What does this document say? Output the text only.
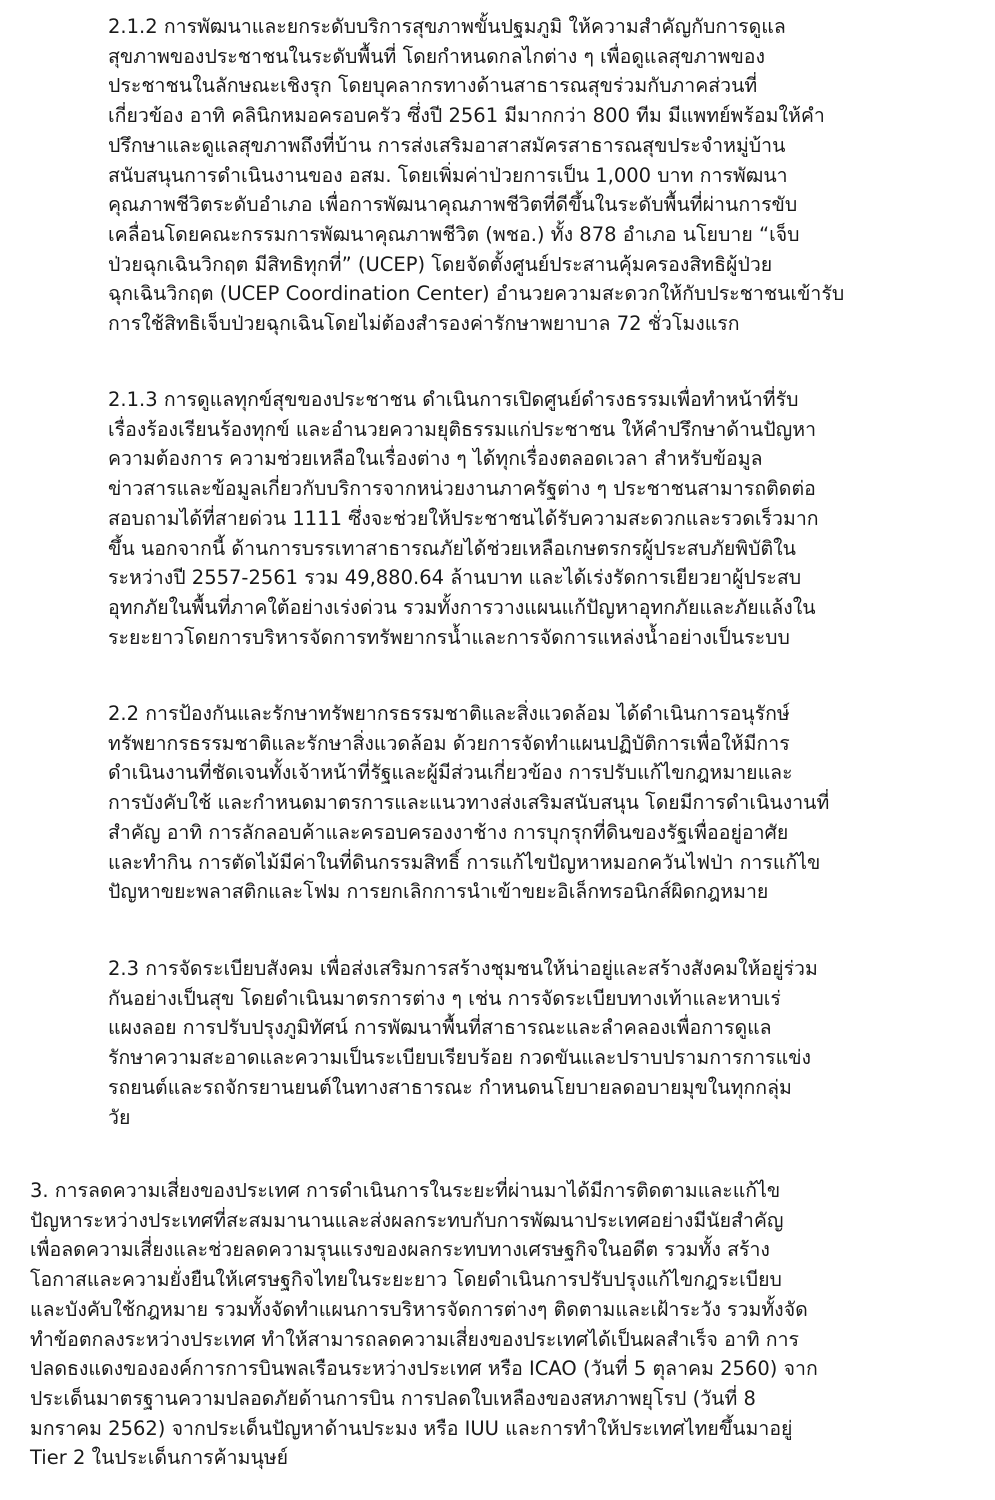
2.1.2 การพัฒนาและยกระดับบริการสุขภาพขั้นปฐมภูมิ ให้ความสำคัญกับการดูแล
สุขภาพของประชาชนในระดับพื้นที่ โดยกำหนดกลไกต่าง ๆ เพื่อดูแลสุขภาพของ
ประชาชนในลักษณะเชิงรุก โดยบุคลากรทางด้านสาธารณสุขร่วมกับภาคส่วนที่
เกี่ยวข้อง อาทิ คลินิกหมอครอบครัว ซึ่งปี 2561 มีมากกว่า 800 ทีม มีแพทย์พร้อมให้คำ
ปรึกษาและดูแลสุขภาพถึงที่บ้าน การส่งเสริมอาสาสมัครสาธารณสุขประจำหมู่บ้าน
สนับสนุนการดำเนินงานของ อสม. โดยเพิ่มค่าป่วยการเป็น 1,000 บาท การพัฒนา
คุณภาพชีวิตระดับอำเภอ เพื่อการพัฒนาคุณภาพชีวิตที่ดีขึ้นในระดับพื้นที่ผ่านการขับ
เคลื่อนโดยคณะกรรมการพัฒนาคุณภาพชีวิต (พชอ.) ทั้ง 878 อำเภอ นโยบาย “เจ็บ
ป่วยฉุกเฉินวิกฤต มีสิทธิทุกที่” (UCEP) โดยจัดตั้งศูนย์ประสานคุ้มครองสิทธิผู้ป่วย
ฉุกเฉินวิกฤต (UCEP Coordination Center) อำนวยความสะดวกให้กับประชาชนเข้ารับ
การใช้สิทธิเจ็บป่วยฉุกเฉินโดยไม่ต้องสำรองค่ารักษาพยาบาล 72 ชั่วโมงแรก

2.1.3 การดูแลทุกข์สุขของประชาชน ดำเนินการเปิดศูนย์ดำรงธรรมเพื่อทำหน้าที่รับ
เรื่องร้องเรียนร้องทุกข์ และอำนวยความยุติธรรมแก่ประชาชน ให้คำปรึกษาด้านปัญหา
ความต้องการ ความช่วยเหลือในเรื่องต่าง ๆ ได้ทุกเรื่องตลอดเวลา สำหรับข้อมูล
ข่าวสารและข้อมูลเกี่ยวกับบริการจากหน่วยงานภาครัฐต่าง ๆ ประชาชนสามารถติดต่อ
สอบถามได้ที่สายด่วน 1111 ซึ่งจะช่วยให้ประชาชนได้รับความสะดวกและรวดเร็วมาก
ขึ้น นอกจากนี้ ด้านการบรรเทาสาธารณภัยได้ช่วยเหลือเกษตรกรผู้ประสบภัยพิบัติใน
ระหว่างปี 2557-2561 รวม 49,880.64 ล้านบาท และได้เร่งรัดการเยียวยาผู้ประสบ
อุทกภัยในพื้นที่ภาคใต้อย่างเร่งด่วน รวมทั้งการวางแผนแก้ปัญหาอุทกภัยและภัยแล้งใน
ระยะยาวโดยการบริหารจัดการทรัพยากรน้ำและการจัดการแหล่งน้ำอย่างเป็นระบบ

2.2 การป้องกันและรักษาทรัพยากรธรรมชาติและสิ่งแวดล้อม ได้ดำเนินการอนุรักษ์
ทรัพยากรธรรมชาติและรักษาสิ่งแวดล้อม ด้วยการจัดทำแผนปฏิบัติการเพื่อให้มีการ
ดำเนินงานที่ชัดเจนทั้งเจ้าหน้าที่รัฐและผู้มีส่วนเกี่ยวข้อง การปรับแก้ไขกฎหมายและ
การบังคับใช้ และกำหนดมาตรการและแนวทางส่งเสริมสนับสนุน โดยมีการดำเนินงานที่
สำคัญ อาทิ การลักลอบค้าและครอบครองงาช้าง การบุกรุกที่ดินของรัฐเพื่ออยู่อาศัย
และทำกิน การตัดไม้มีค่าในที่ดินกรรมสิทธิ์ การแก้ไขปัญหาหมอกควันไฟป่า การแก้ไข
ปัญหาขยะพลาสติกและโฟม การยกเลิกการนำเข้าขยะอิเล็กทรอนิกส์ผิดกฎหมาย

2.3 การจัดระเบียบสังคม เพื่อส่งเสริมการสร้างชุมชนให้น่าอยู่และสร้างสังคมให้อยู่ร่วม
กันอย่างเป็นสุข โดยดำเนินมาตรการต่าง ๆ เช่น การจัดระเบียบทางเท้าและหาบเร่
แผงลอย การปรับปรุงภูมิทัศน์ การพัฒนาพื้นที่สาธารณะและลำคลองเพื่อการดูแล
รักษาความสะอาดและความเป็นระเบียบเรียบร้อย กวดขันและปราบปรามการการแข่ง
รถยนต์และรถจักรยานยนต์ในทางสาธารณะ กำหนดนโยบายลดอบายมุขในทุกกลุ่ม
วัย

3. การลดความเสี่ยงของประเทศ การดำเนินการในระยะที่ผ่านมาได้มีการติดตามและแก้ไข
ปัญหาระหว่างประเทศที่สะสมมานานและส่งผลกระทบกับการพัฒนาประเทศอย่างมีนัยสำคัญ
เพื่อลดความเสี่ยงและช่วยลดความรุนแรงของผลกระทบทางเศรษฐกิจในอดีต รวมทั้ง สร้าง
โอกาสและความยั่งยืนให้เศรษฐกิจไทยในระยะยาว โดยดำเนินการปรับปรุงแก้ไขกฎระเบียบ
และบังคับใช้กฎหมาย รวมทั้งจัดทำแผนการบริหารจัดการต่างๆ ติดตามและเฝ้าระวัง รวมทั้งจัด
ทำข้อตกลงระหว่างประเทศ ทำให้สามารถลดความเสี่ยงของประเทศได้เป็นผลสำเร็จ อาทิ การ
ปลดธงแดงขององค์การการบินพลเรือนระหว่างประเทศ หรือ ICAO (วันที่ 5 ตุลาคม 2560) จาก
ประเด็นมาตรฐานความปลอดภัยด้านการบิน การปลดใบเหลืองของสหภาพยุโรป (วันที่ 8
มกราคม 2562) จากประเด็นปัญหาด้านประมง หรือ IUU และการทำให้ประเทศไทยขึ้นมาอยู่
Tier 2 ในประเด็นการค้ามนุษย์
